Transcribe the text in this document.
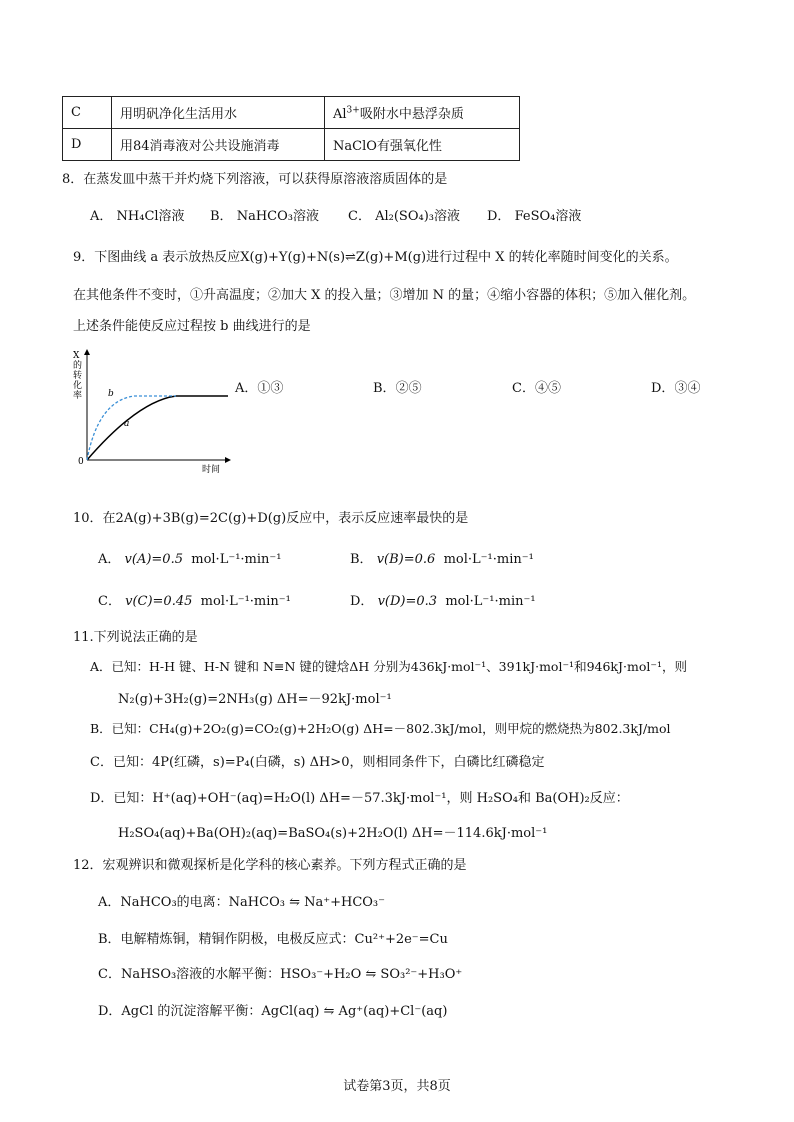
C	用明矾净化生活用水	$Al^{3+}$吸附水中悬浮杂质
D	用84消毒液对公共设施消毒	NaClO有强氧化性
8．在蒸发皿中蒸干并灼烧下列溶液，可以获得原溶液溶质固体的是
A． NH₄Cl溶液 B． NaHCO₃溶液 C． Al₂(SO₄)₃溶液 D． FeSO₄溶液
9．下图曲线 a 表示放热反应X(g)+Y(g)+N(s)⇌Z(g)+M(g)进行过程中 X 的转化率随时间变化的关系。
在其他条件不变时，①升高温度；②加大 X 的投入量；③增加 N 的量；④缩小容器的体积；⑤加入催化剂。
上述条件能使反应过程按 b 曲线进行的是
X 的转化率
0
时间
a
b	A．①③	B．②⑤	C．④⑤	D．③④
10．在2A(g)+3B(g)=2C(g)+D(g)反应中，表示反应速率最快的是
A． v(A)=0.5 mol·L⁻¹·min⁻¹	B． v(B)=0.6 mol·L⁻¹·min⁻¹
C． v(C)=0.45 mol·L⁻¹·min⁻¹	D． v(D)=0.3 mol·L⁻¹·min⁻¹
11.下列说法正确的是
A．已知：H-H 键、H-N 键和 N≡N 键的键焓ΔH 分别为436kJ·mol⁻¹、391kJ·mol⁻¹和946kJ·mol⁻¹，则
N₂(g)+3H₂(g)=2NH₃(g) ΔH=－92kJ·mol⁻¹
B．已知：CH₄(g)+2O₂(g)=CO₂(g)+2H₂O(g) ΔH=－802.3kJ/mol，则甲烷的燃烧热为802.3kJ/mol
C．已知：4P(红磷，s)=P₄(白磷，s) ΔH>0，则相同条件下，白磷比红磷稳定
D．已知：H⁺(aq)+OH⁻(aq)=H₂O(l) ΔH=－57.3kJ·mol⁻¹，则 H₂SO₄和 Ba(OH)₂反应：
H₂SO₄(aq)+Ba(OH)₂(aq)=BaSO₄(s)+2H₂O(l) ΔH=－114.6kJ·mol⁻¹
12．宏观辨识和微观探析是化学科的核心素养。下列方程式正确的是
A．NaHCO₃的电离：NaHCO₃ ⇋ Na⁺+HCO₃⁻
B．电解精炼铜，精铜作阴极，电极反应式：Cu²⁺+2e⁻=Cu
C．NaHSO₃溶液的水解平衡：HSO₃⁻+H₂O ⇋ SO₃²⁻+H₃O⁺
D．AgCl 的沉淀溶解平衡：AgCl(aq) ⇋ Ag⁺(aq)+Cl⁻(aq)
试卷第3页，共8页
